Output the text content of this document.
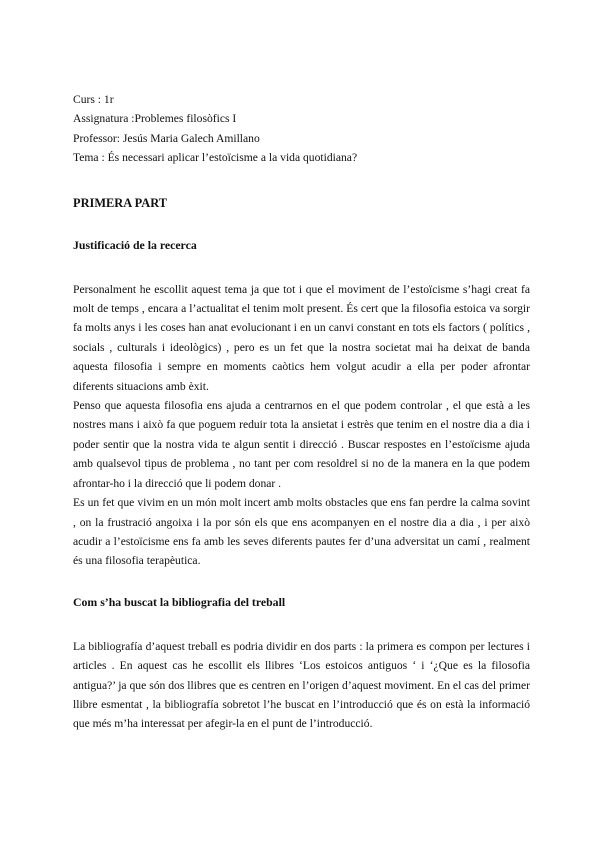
Curs : 1r

Assignatura :Problemes filosòfics I

Professor: Jesús Maria Galech Amillano

Tema : És necessari aplicar l’estoïcisme a la vida quotidiana?

PRIMERA PART
Justificació de la recerca

Personalment he escollit aquest tema ja que tot i que el moviment de l’estoïcisme s’hagi creat fa molt de temps , encara a l’actualitat el tenim molt present. És cert que la filosofia estoica va sorgir fa molts anys i les coses han anat evolucionant i en un canvi constant en tots els factors ( polítics , socials , culturals i ideològics) , pero es un fet que la nostra societat mai ha deixat de banda aquesta filosofia i sempre en moments caòtics hem volgut acudir a ella per poder afrontar diferents situacions amb èxit.

Penso que aquesta filosofia ens ajuda a centrarnos en el que podem controlar , el que està a les nostres mans i això fa que poguem reduir tota la ansietat i estrès que tenim en el nostre dia a dia i poder sentir que la nostra vida te algun sentit i direcció . Buscar respostes en l’estoïcisme ajuda amb qualsevol tipus de problema , no tant per com resoldrel si no de la manera en la que podem afrontar-ho i la direcció que li podem donar .

Es un fet que vivim en un món molt incert amb molts obstacles que ens fan perdre la calma sovint , on la frustració angoixa i la por són els que ens acompanyen en el nostre dia a dia , i per això acudir a l’estoïcisme ens fa amb les seves diferents pautes fer d’una adversitat un camí , realment és una filosofia terapèutica.

Com s’ha buscat la bibliografia del treball

La bibliografía d’aquest treball es podria dividir en dos parts : la primera es compon per lectures i articles . En aquest cas he escollit els llibres ‘Los estoicos antiguos ‘ i ‘¿Que es la filosofia antigua?’ ja que són dos llibres que es centren en l’origen d’aquest moviment. En el cas del primer llibre esmentat , la bibliografía sobretot l’he buscat en l’introducció que és on està la informació que més m’ha interessat per afegir-la en el punt de l’introducció.
